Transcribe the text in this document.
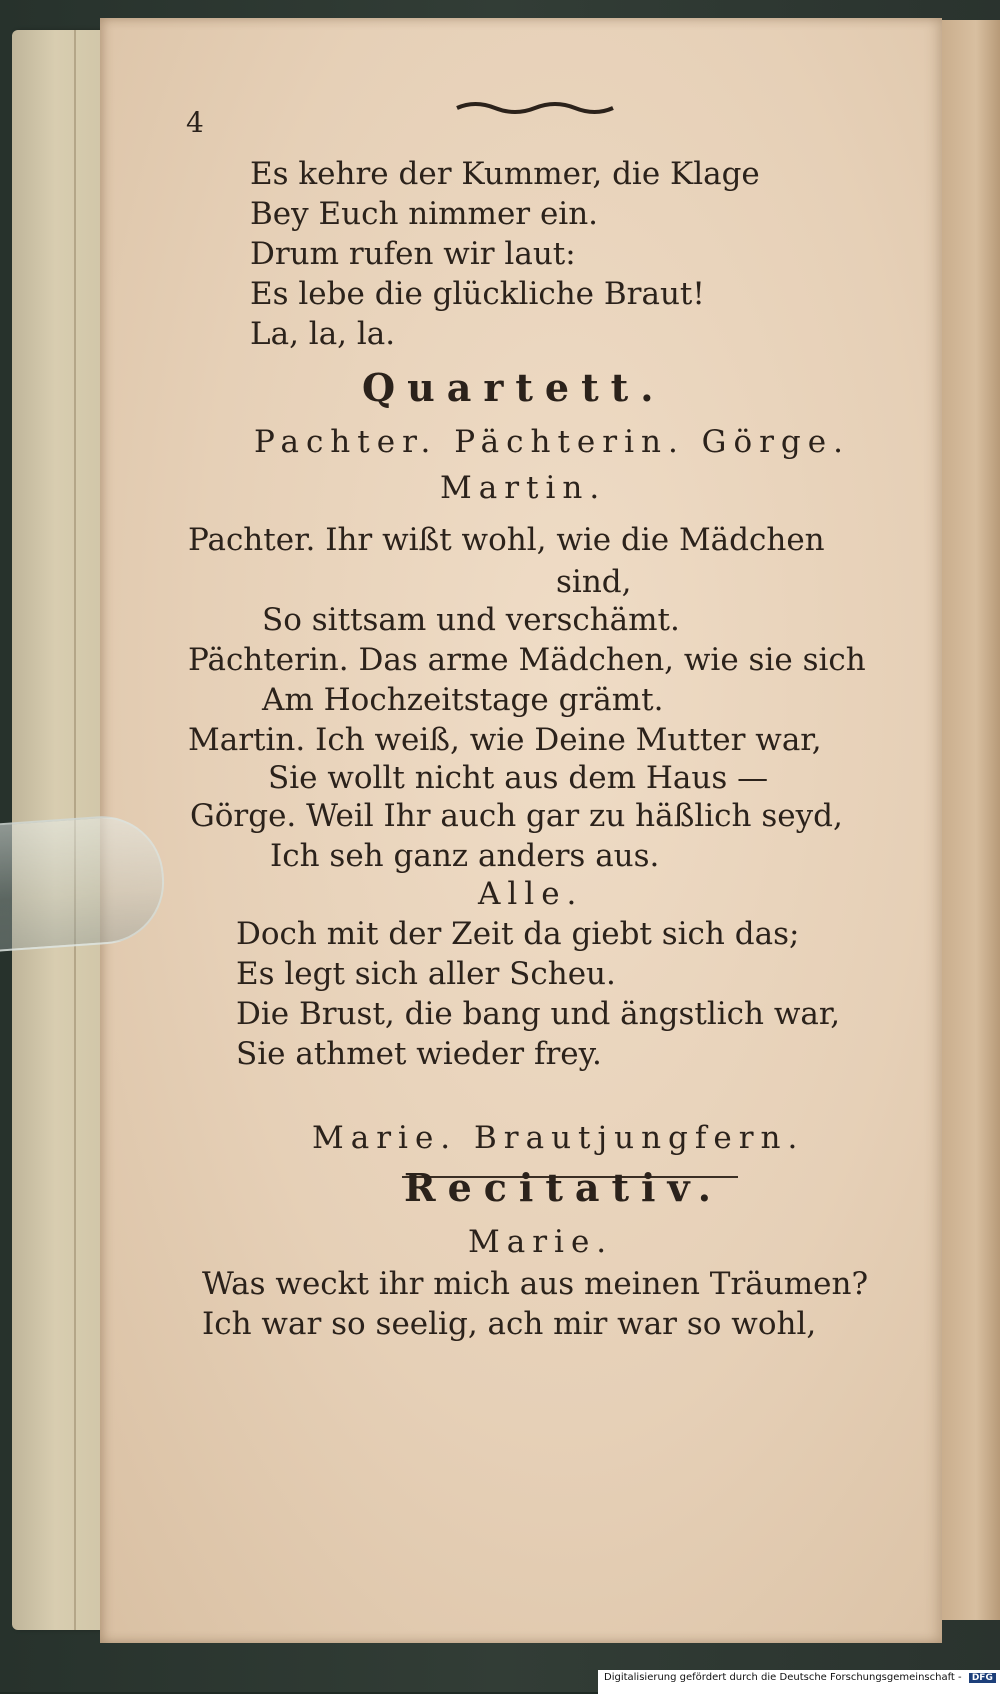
4
Es kehre der Kummer, die Klage
Bey Euch nimmer ein.
Drum rufen wir laut:
Es lebe die glückliche Braut!
La, la, la.
Quartett.
Pachter. Pächterin. Görge.
Martin.
Pachter. Ihr wißt wohl, wie die Mädchen
sind,
So sittsam und verschämt.
Pächterin. Das arme Mädchen, wie sie sich
Am Hochzeitstage grämt.
Martin. Ich weiß, wie Deine Mutter war,
Sie wollt nicht aus dem Haus —
Görge. Weil Ihr auch gar zu häßlich seyd,
Ich seh ganz anders aus.
Alle.
Doch mit der Zeit da giebt sich das;
Es legt sich aller Scheu.
Die Brust, die bang und ängstlich war,
Sie athmet wieder frey.
Marie. Brautjungfern.
Recitativ.
Marie.
Was weckt ihr mich aus meinen Träumen?
Ich war so seelig, ach mir war so wohl,
Digitalisierung gefördert durch die Deutsche Forschungsgemeinschaft - DFG
